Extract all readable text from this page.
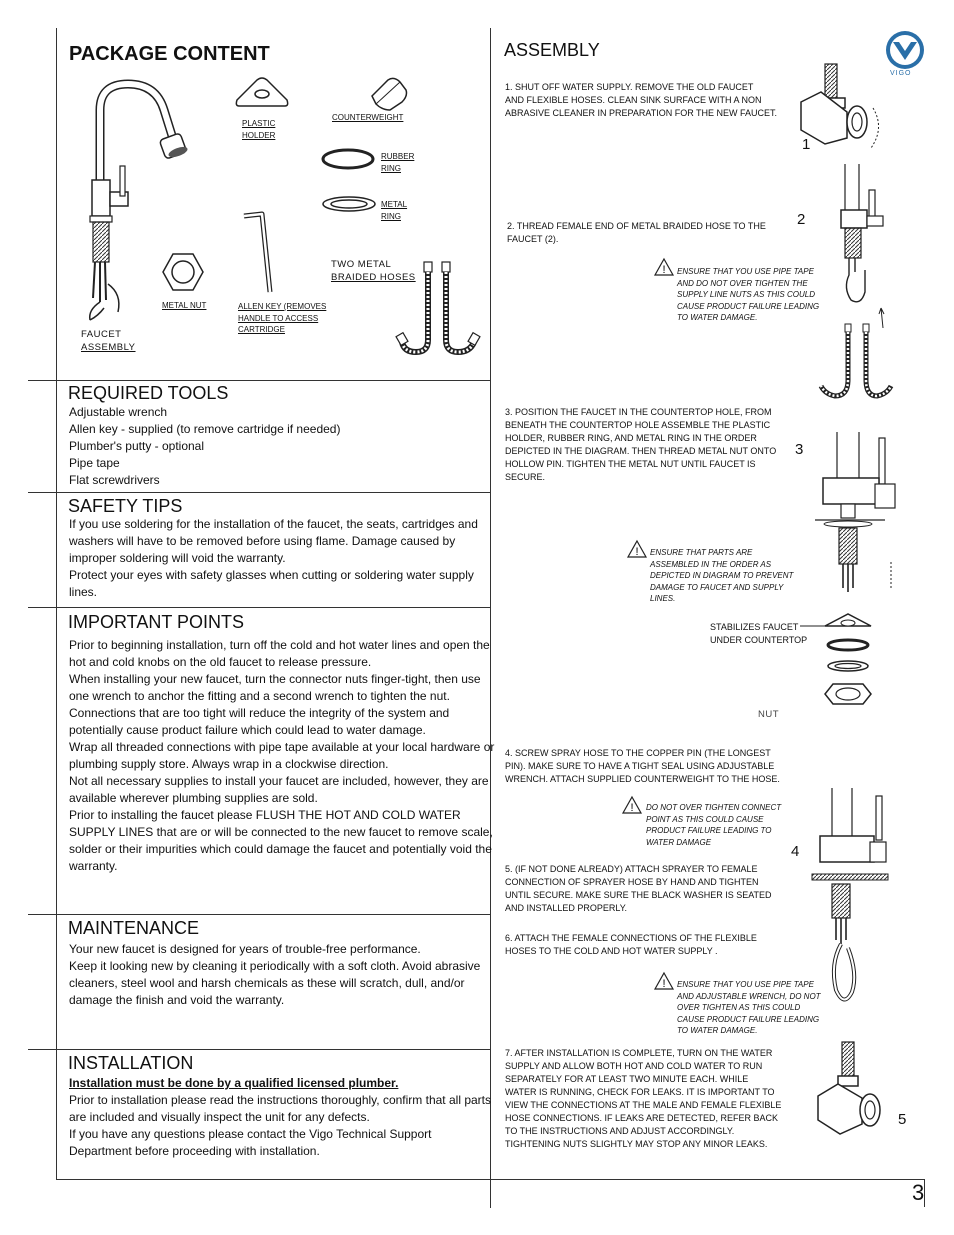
PACKAGE CONTENT
FAUCET
ASSEMBLY
PLASTIC
HOLDER
COUNTERWEIGHT
RUBBER
RING
METAL
RING
METAL NUT	ALLEN KEY (REMOVES
HANDLE TO ACCESS
CARTRIDGE
TWO METAL
BRAIDED HOSES
REQUIRED TOOLS
Adjustable wrench
Allen key - supplied (to remove cartridge if needed)
Plumber's putty - optional
Pipe tape
Flat screwdrivers
SAFETY TIPS
If you use soldering for the installation of the faucet, the seats, cartridges and
washers will have to be removed before using flame. Damage caused by
improper soldering will void the warranty.
Protect your eyes with safety glasses when cutting or soldering water supply
lines.
IMPORTANT POINTS
Prior to beginning installation, turn off the cold and hot water lines and open the
hot and cold knobs on the old faucet to release pressure.
When installing your new faucet, turn the connector nuts finger-tight, then use
one wrench to anchor the fitting and a second wrench to tighten the nut.
Connections that are too tight will reduce the integrity of the system and
potentially cause product failure which could lead to water damage.
Wrap all threaded connections with pipe tape available at your local hardware or
plumbing supply store. Always wrap in a clockwise direction.
Not all necessary supplies to install your faucet are included, however, they are
available wherever plumbing supplies are sold.
Prior to installing the faucet please FLUSH THE HOT AND COLD WATER
SUPPLY LINES that are or will be connected to the new faucet to remove scale,
solder or their impurities which could damage the faucet and potentially void the
warranty.
MAINTENANCE
Your new faucet is designed for years of trouble-free performance.
Keep it looking new by cleaning it periodically with a soft cloth. Avoid abrasive
cleaners, steel wool and harsh chemicals as these will scratch, dull, and/or
damage the finish and void the warranty.
INSTALLATION
Installation must be done by a qualified licensed plumber.
Prior to installation please read the instructions thoroughly, confirm that all parts
are included and visually inspect the unit for any defects.
If you have any questions please contact the Vigo Technical Support
Department before proceeding with installation.
ASSEMBLY
VIGO
1. SHUT OFF WATER SUPPLY. REMOVE THE OLD FAUCET
AND FLEXIBLE HOSES. CLEAN SINK SURFACE WITH A NON
ABRASIVE CLEANER IN PREPARATION FOR THE NEW FAUCET.
1
2. THREAD FEMALE END OF METAL BRAIDED HOSE TO THE
FAUCET (2).
2
! ENSURE THAT YOU USE PIPE TAPE
AND DO NOT OVER TIGHTEN THE
SUPPLY LINE NUTS AS THIS COULD
CAUSE PRODUCT FAILURE LEADING
TO WATER DAMAGE.
3. POSITION THE FAUCET IN THE COUNTERTOP HOLE, FROM
BENEATH THE COUNTERTOP HOLE ASSEMBLE THE PLASTIC
HOLDER, RUBBER RING, AND METAL RING IN THE ORDER
DEPICTED IN THE DIAGRAM. THEN THREAD METAL NUT ONTO
HOLLOW PIN. TIGHTEN THE METAL NUT UNTIL FAUCET IS
SECURE.
3
! ENSURE THAT PARTS ARE
ASSEMBLED IN THE ORDER AS
DEPICTED IN DIAGRAM TO PREVENT
DAMAGE TO FAUCET AND SUPPLY
LINES.
STABILIZES FAUCET
UNDER COUNTERTOP
NUT
4. SCREW SPRAY HOSE TO THE COPPER PIN (THE LONGEST
PIN). MAKE SURE TO HAVE A TIGHT SEAL USING ADJUSTABLE
WRENCH. ATTACH SUPPLIED COUNTERWEIGHT TO THE HOSE.
4
! DO NOT OVER TIGHTEN CONNECT
POINT AS THIS COULD CAUSE
PRODUCT FAILURE LEADING TO
WATER DAMAGE
5. (IF NOT DONE ALREADY) ATTACH SPRAYER TO FEMALE
CONNECTION OF SPRAYER HOSE BY HAND AND TIGHTEN
UNTIL SECURE. MAKE SURE THE BLACK WASHER IS SEATED
AND INSTALLED PROPERLY.
6. ATTACH THE FEMALE CONNECTIONS OF THE FLEXIBLE
HOSES TO THE COLD AND HOT WATER SUPPLY .
! ENSURE THAT YOU USE PIPE TAPE
AND ADJUSTABLE WRENCH, DO NOT
OVER TIGHTEN AS THIS COULD
CAUSE PRODUCT FAILURE LEADING
TO WATER DAMAGE.
7. AFTER INSTALLATION IS COMPLETE, TURN ON THE WATER
SUPPLY AND ALLOW BOTH HOT AND COLD WATER TO RUN
SEPARATELY FOR AT LEAST TWO MINUTE EACH. WHILE
WATER IS RUNNING, CHECK FOR LEAKS. IT IS IMPORTANT TO
VIEW THE CONNECTIONS AT THE MALE AND FEMALE FLEXIBLE
HOSE CONNECTIONS. IF LEAKS ARE DETECTED, REFER BACK
TO THE INSTRUCTIONS AND ADJUST ACCORDINGLY.
TIGHTENING NUTS SLIGHTLY MAY STOP ANY MINOR LEAKS.
5
3
